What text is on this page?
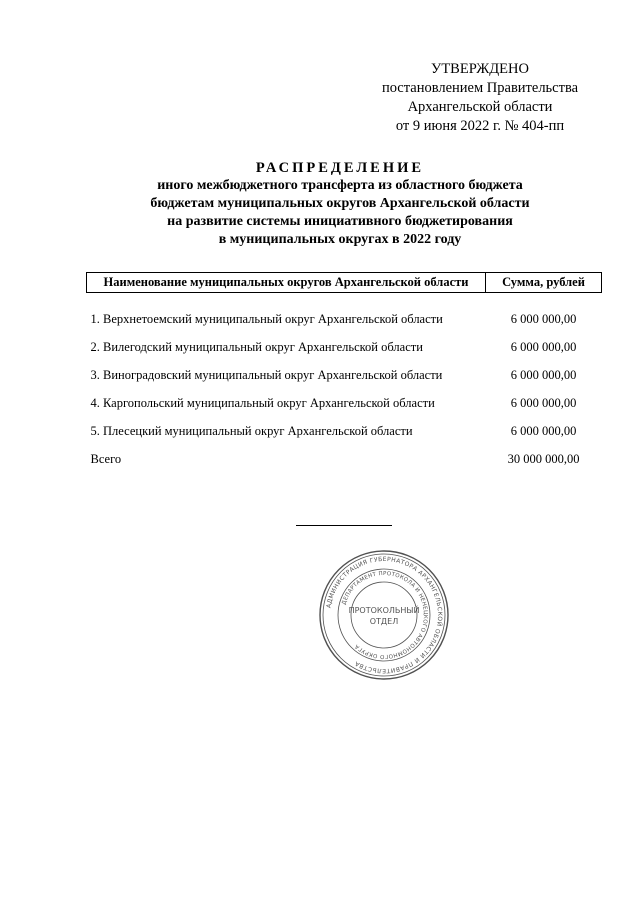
УТВЕРЖДЕНО
постановлением Правительства
Архангельской области
от 9 июня 2022 г. № 404-пп
РАСПРЕДЕЛЕНИЕ
иного межбюджетного трансферта из областного бюджета
бюджетам муниципальных округов Архангельской области
на развитие системы инициативного бюджетирования
в муниципальных округах в 2022 году
Наименование муниципальных округов Архангельской области	Сумма, рублей
1. Верхнетоемский муниципальный округ Архангельской области	6 000 000,00
2. Вилегодский муниципальный округ Архангельской области	6 000 000,00
3. Виноградовский муниципальный округ Архангельской области	6 000 000,00
4. Каргопольский муниципальный округ Архангельской области	6 000 000,00
5. Плесецкий муниципальный округ Архангельской области	6 000 000,00
Всего	30 000 000,00
АДМИНИСТРАЦИЯ ГУБЕРНАТОРА АРХАНГЕЛЬСКОЙ ОБЛАСТИ И ПРАВИТЕЛЬСТВА
ДЕПАРТАМЕНТ ПРОТОКОЛА И НЕНЕЦКОГО АВТОНОМНОГО ОКРУГА
ПРОТОКОЛЬНЫЙ
ОТДЕЛ
